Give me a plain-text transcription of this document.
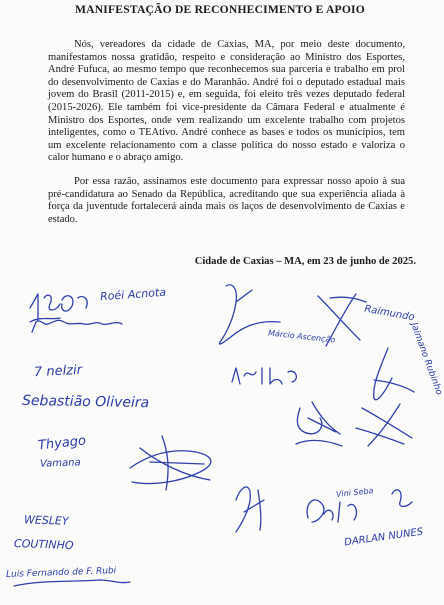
MANIFESTAÇÃO DE RECONHECIMENTO E APOIO

Nós, vereadores da cidade de Caxias, MA, por meio deste documento, manifestamos nossa gratidão, respeito e consideração ao Ministro dos Esportes, André Fufuca, ao mesmo tempo que reconhecemos sua parceria e trabalho em prol do desenvolvimento de Caxias e do Maranhão. André foi o deputado estadual mais jovem do Brasil (2011-2015) e, em seguida, foi eleito três vezes deputado federal (2015-2026). Ele também foi vice-presidente da Câmara Federal e atualmente é Ministro dos Esportes, onde vem realizando um excelente trabalho com projetos inteligentes, como o TEAtivo. André conhece as bases e todos os municípios, tem um excelente relacionamento com a classe política do nosso estado e valoriza o calor humano e o abraço amigo.

Por essa razão, assinamos este documento para expressar nosso apoio à sua pré-candidatura ao Senado da República, acreditando que sua experiência aliada à força da juventude fortalecerá ainda mais os laços de desenvolvimento de Caxias e estado.

Cidade de Caxias – MA, em 23 de junho de 2025.
Roéi Acnota
Márcio Ascenção
Raimundo
Jaimano Rubinho
7 nelzir
Sebastião Oliveira
Thyago
Vamana
Vini Seba
WESLEY
COUTINHO	DARLAN NUNES
Luis Fernando de F. Rubi
